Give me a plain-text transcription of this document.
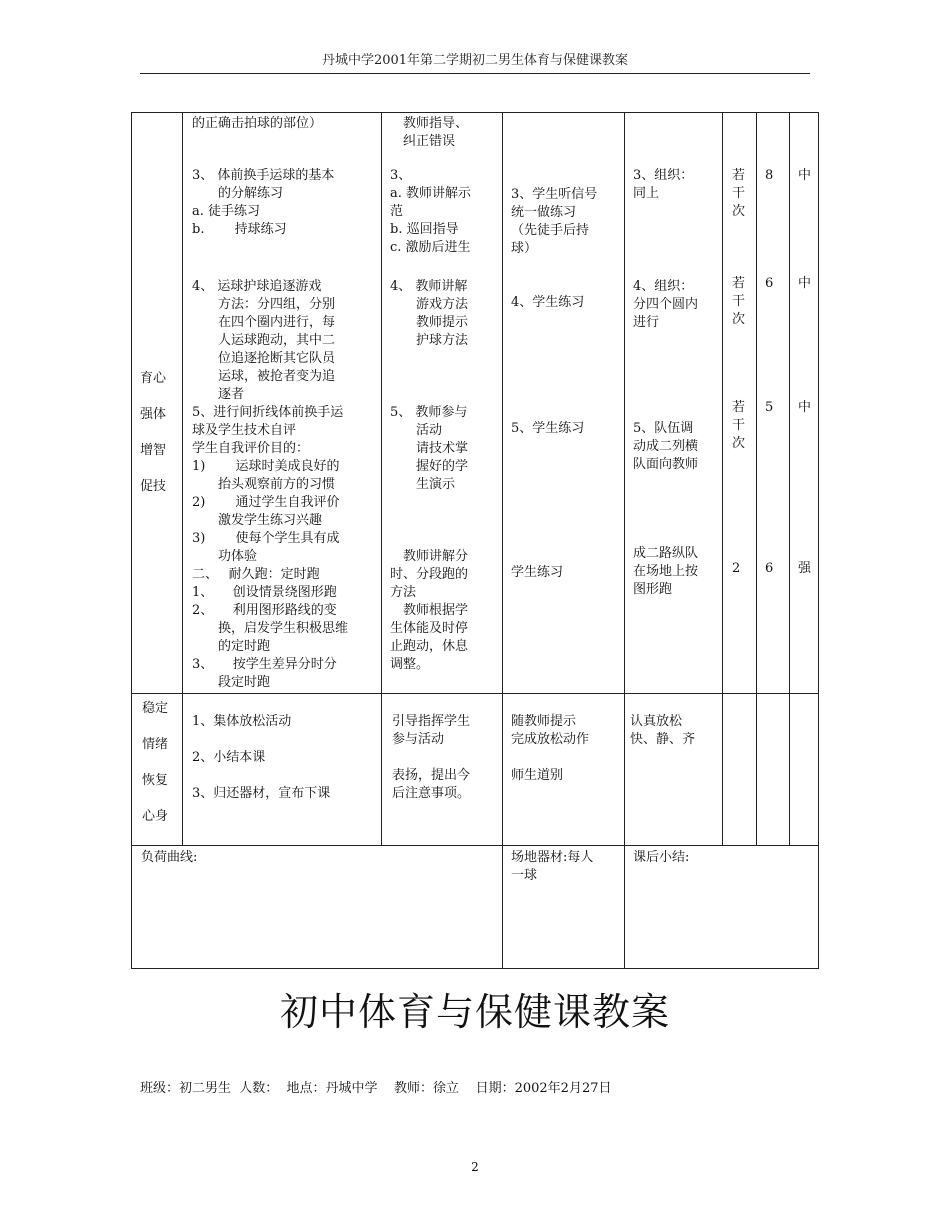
丹城中学2001年第二学期初二男生体育与保健课教案
育心

强体

增智

促技
的正确击拍球的部位）
3、 体前换手运球的基本
　　的分解练习
a. 徒手练习
b.　　 持球练习
4、 运球护球追逐游戏
　　方法：分四组，分别
　　在四个圈内进行，每
　　人运球跑动，其中二
　　位追逐抢断其它队员
　　运球，被抢者变为追
　　逐者
5、进行间折线体前换手运
球及学生技术自评
学生自我评价目的：
1)　　 运球时美成良好的
　　抬头观察前方的习惯
2)　　 通过学生自我评价
　　激发学生练习兴趣
3)　　 使每个学生具有成
　　功体验
二、　 耐久跑：定时跑
1、　　创设情景绕图形跑
2、　　利用图形路线的变
　　换，启发学生积极思维
　　的定时跑
3、　　按学生差异分时分
　　段定时跑
　教师指导、
　纠正错误
3、
a. 教师讲解示
范
b. 巡回指导
c. 激励后进生
4、 教师讲解
　　游戏方法
　　教师提示
　　护球方法
5、 教师参与
　　活动
　　请技术掌
　　握好的学
　　生演示
　教师讲解分
时、分段跑的
方法
　教师根据学
生体能及时停
止跑动，休息
调整。
3、学生听信号
统一做练习
（先徒手后持
球）
4、学生练习
5、学生练习
学生练习
3、组织：
同上
4、组织：
分四个圆内
进行
5、队伍调
动成二列横
队面向教师
成二路纵队
在场地上按
图形跑
若
干
次
若
干
次
若
干
次
2
8
6
5
6
中
中
中
强
稳定

情绪

恢复

心身
1、集体放松活动

2、小结本课

3、归还器材，宣布下课
引导指挥学生
参与活动

表扬，提出今
后注意事项。
随教师提示
完成放松动作

师生道别
认真放松
快、静、齐
负荷曲线:	场地器材:每人
一球
课后小结:
初中体育与保健课教案
班级：初二男生  人数：  地点：丹城中学    教师：徐立    日期：2002年2月27日
2
